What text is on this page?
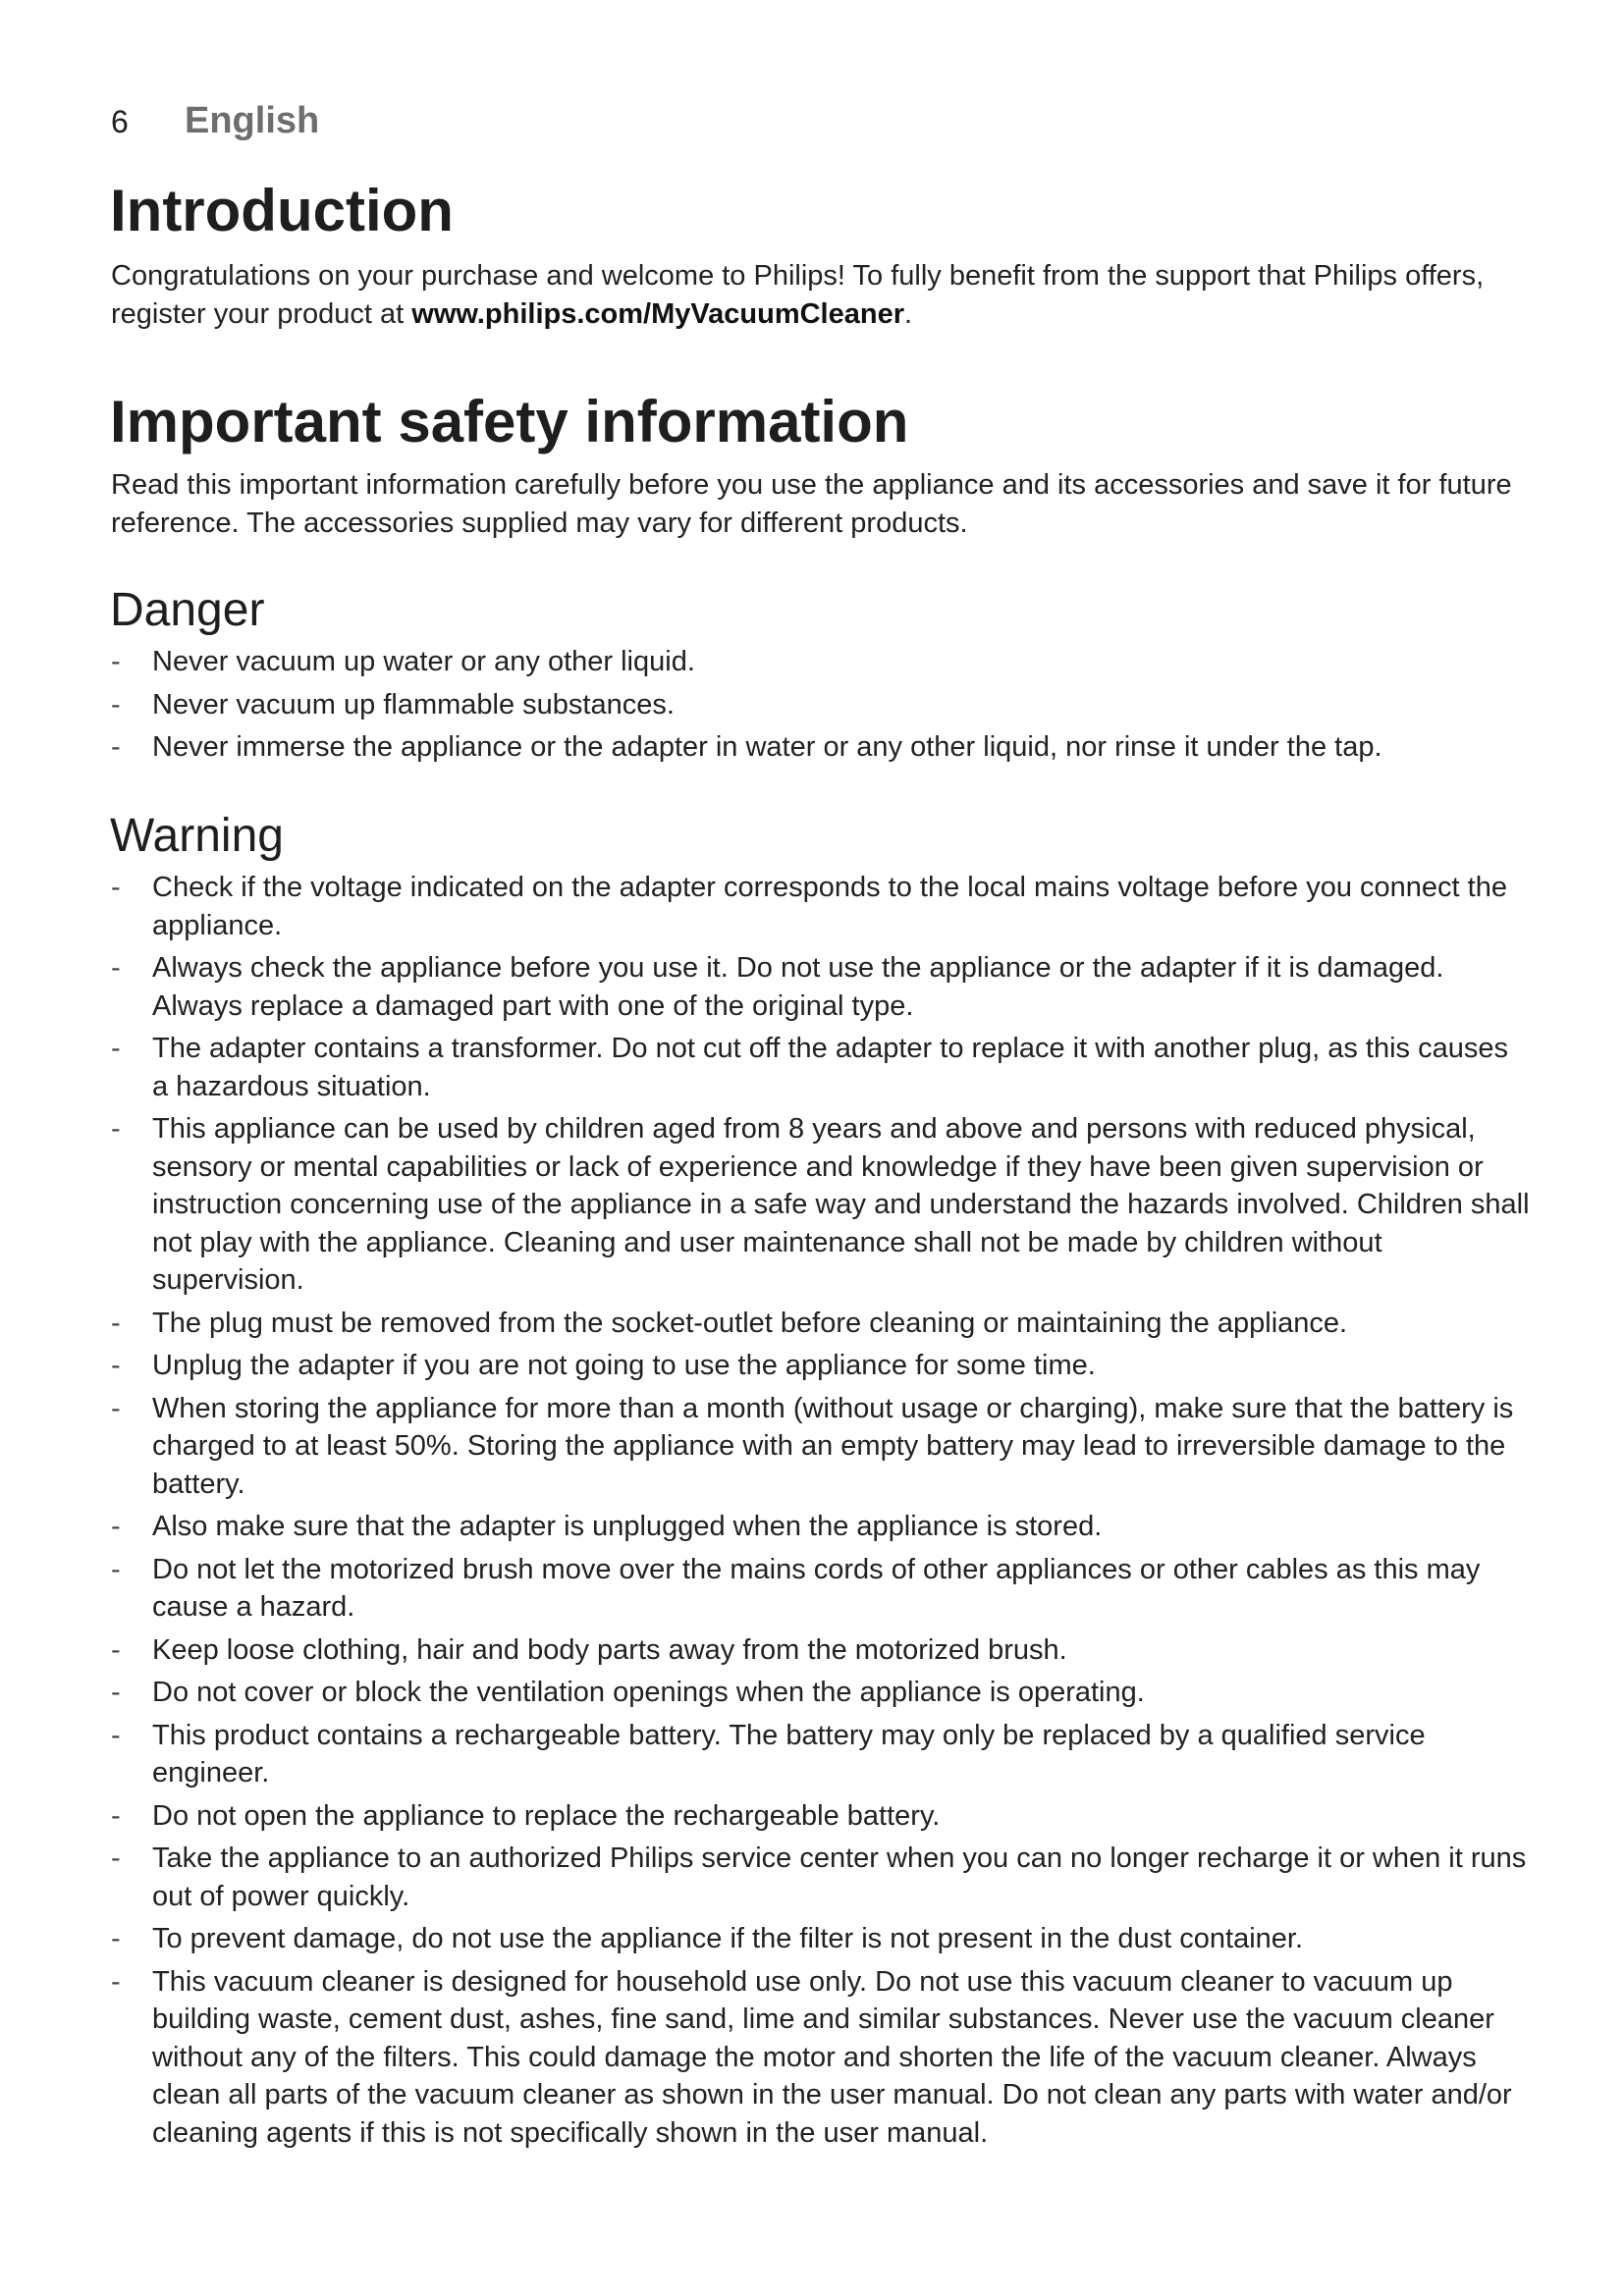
6	English
Introduction

Congratulations on your purchase and welcome to Philips! To fully benefit from the support that Philips offers, register your product at www.philips.com/MyVacuumCleaner.

Important safety information

Read this important information carefully before you use the appliance and its accessories and save it for future reference. The accessories supplied may vary for different products.

Danger
- Never vacuum up water or any other liquid.
- Never vacuum up flammable substances.
- Never immerse the appliance or the adapter in water or any other liquid, nor rinse it under the tap.
Warning
- Check if the voltage indicated on the adapter corresponds to the local mains voltage before you connect the appliance.
- Always check the appliance before you use it. Do not use the appliance or the adapter if it is damaged. Always replace a damaged part with one of the original type.
- The adapter contains a transformer. Do not cut off the adapter to replace it with another plug, as this causes a hazardous situation.
- This appliance can be used by children aged from 8 years and above and persons with reduced physical, sensory or mental capabilities or lack of experience and knowledge if they have been given supervision or instruction concerning use of the appliance in a safe way and understand the hazards involved. Children shall not play with the appliance. Cleaning and user maintenance shall not be made by children without supervision.
- The plug must be removed from the socket-outlet before cleaning or maintaining the appliance.
- Unplug the adapter if you are not going to use the appliance for some time.
- When storing the appliance for more than a month (without usage or charging), make sure that the battery is charged to at least 50%. Storing the appliance with an empty battery may lead to irreversible damage to the battery.
- Also make sure that the adapter is unplugged when the appliance is stored.
- Do not let the motorized brush move over the mains cords of other appliances or other cables as this may cause a hazard.
- Keep loose clothing, hair and body parts away from the motorized brush.
- Do not cover or block the ventilation openings when the appliance is operating.
- This product contains a rechargeable battery. The battery may only be replaced by a qualified service engineer.
- Do not open the appliance to replace the rechargeable battery.
- Take the appliance to an authorized Philips service center when you can no longer recharge it or when it runs out of power quickly.
- To prevent damage, do not use the appliance if the filter is not present in the dust container.
- This vacuum cleaner is designed for household use only. Do not use this vacuum cleaner to vacuum up building waste, cement dust, ashes, fine sand, lime and similar substances. Never use the vacuum cleaner without any of the filters. This could damage the motor and shorten the life of the vacuum cleaner. Always clean all parts of the vacuum cleaner as shown in the user manual. Do not clean any parts with water and/or cleaning agents if this is not specifically shown in the user manual.
